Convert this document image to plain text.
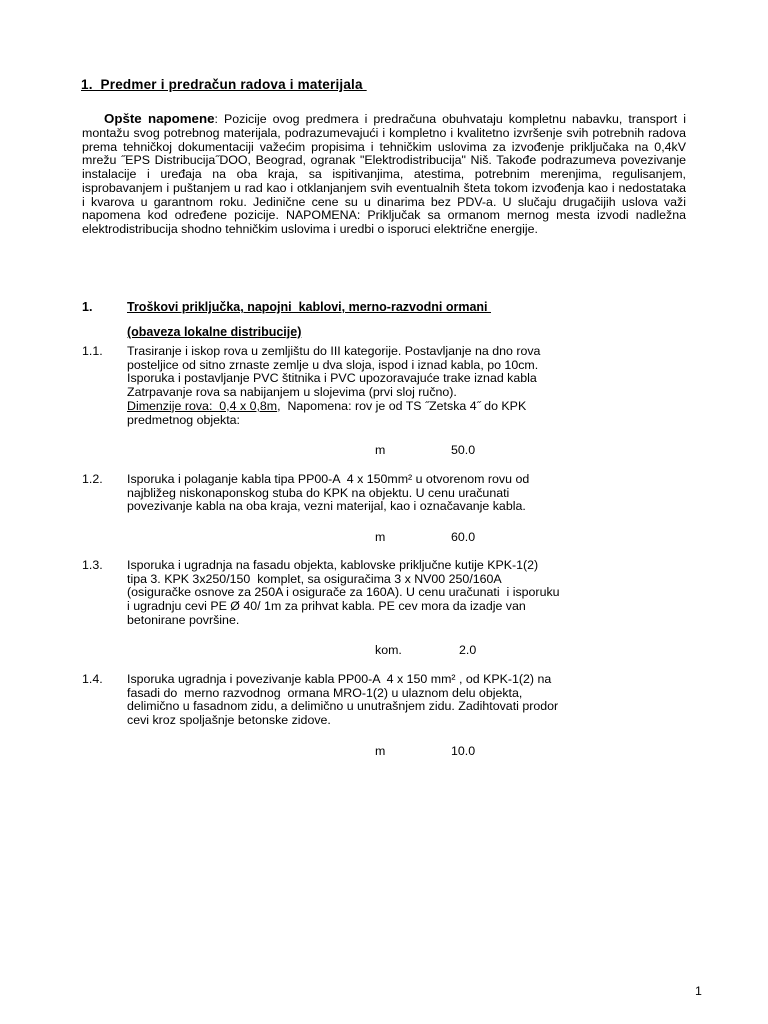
1.  Predmer i predračun radova i materijala
Opšte napomene: Pozicije ovog predmera i predračuna obuhvataju kompletnu nabavku, transport i montažu svog potrebnog materijala, podrazumevajući i kompletno i kvalitetno izvršenje svih potrebnih radova prema tehničkoj dokumentaciji važećim propisima i tehničkim uslovima za izvođenje priključaka na 0,4kV mrežu ˝EPS Distribucija˝DOO, Beograd, ogranak "Elektrodistribucija" Niš. Takođe podrazumeva povezivanje instalacije i uređaja na oba kraja, sa ispitivanjima, atestima, potrebnim merenjima, regulisanjem, isprobavanjem i puštanjem u rad kao i otklanjanjem svih eventualnih šteta tokom izvođenja kao i nedostataka i kvarova u garantnom roku. Jedinične cene su u dinarima bez PDV-a. U slučaju drugačijih uslova važi napomena kod određene pozicije. NAPOMENA: Priključak sa ormanom mernog mesta izvodi nadležna elektrodistribucija shodno tehničkim uslovima i uredbi o isporuci električne energije.
1.	Troškovi priključka, napojni  kablovi, merno-razvodni ormani
(obaveza lokalne distribucije)
1.1. Trasiranje i iskop rova u zemljištu do III kategorije. Postavljanje na dno rova
posteljice od sitno zrnaste zemlje u dva sloja, ispod i iznad kabla, po 10cm.
Isporuka i postavljanje PVC štitnika i PVC upozoravajuće trake iznad kabla
Zatrpavanje rova sa nabijanjem u slojevima (prvi sloj ručno).
Dimenzije rova:  0,4 x 0,8m,  Napomena: rov je od TS ˝Zetska 4˝ do KPK
predmetnog objekta:
m	50.0
1.2. Isporuka i polaganje kabla tipa PP00-A  4 x 150mm² u otvorenom rovu od
najbližeg niskonaponskog stuba do KPK na objektu. U cenu uračunati
povezivanje kabla na oba kraja, vezni materijal, kao i označavanje kabla.
m	60.0
1.3. Isporuka i ugradnja na fasadu objekta, kablovske priključne kutije KPK-1(2)
tipa 3. KPK 3x250/150  komplet, sa osiguračima 3 x NV00 250/160A
(osiguračke osnove za 250A i osigurače za 160A). U cenu uračunati  i isporuku
i ugradnju cevi PE Ø 40/ 1m za prihvat kabla. PE cev mora da izadje van
betonirane površine.
kom.	2.0
1.4. Isporuka ugradnja i povezivanje kabla PP00-A  4 x 150 mm² , od KPK-1(2) na
fasadi do  merno razvodnog  ormana MRO-1(2) u ulaznom delu objekta,
delimično u fasadnom zidu, a delimično u unutrašnjem zidu. Zadihtovati prodor
cevi kroz spoljašnje betonske zidove.
m	10.0
1
